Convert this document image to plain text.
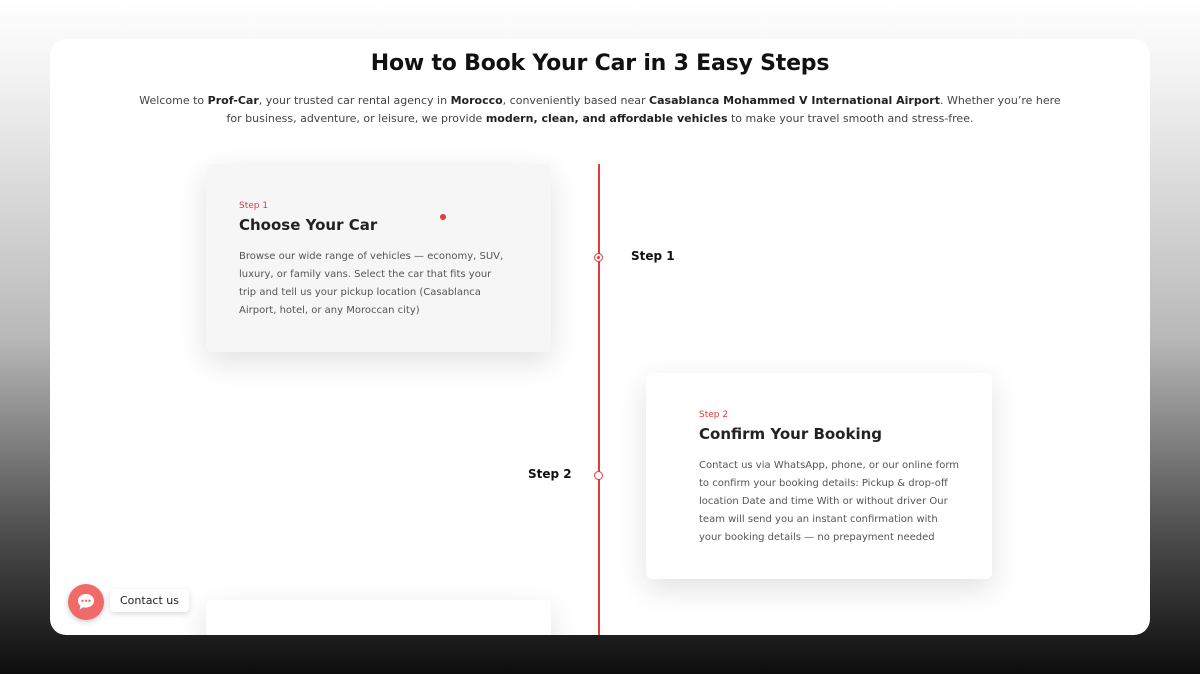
How to Book Your Car in 3 Easy Steps

Welcome to Prof-Car, your trusted car rental agency in Morocco, conveniently based near Casablanca Mohammed V International Airport. Whether you’re here for business, adventure, or leisure, we provide modern, clean, and affordable vehicles to make your travel smooth and stress-free.

Step 1
Step 2
Step 1
Choose Your Car

Browse our wide range of vehicles — economy, SUV, luxury, or family vans. Select the car that fits your trip and tell us your pickup location (Casablanca Airport, hotel, or any Moroccan city)

Step 2
Confirm Your Booking

Contact us via WhatsApp, phone, or our online form to confirm your booking details: Pickup & drop-off location Date and time With or without driver Our team will send you an instant confirmation with your booking details — no prepayment needed

Contact us
